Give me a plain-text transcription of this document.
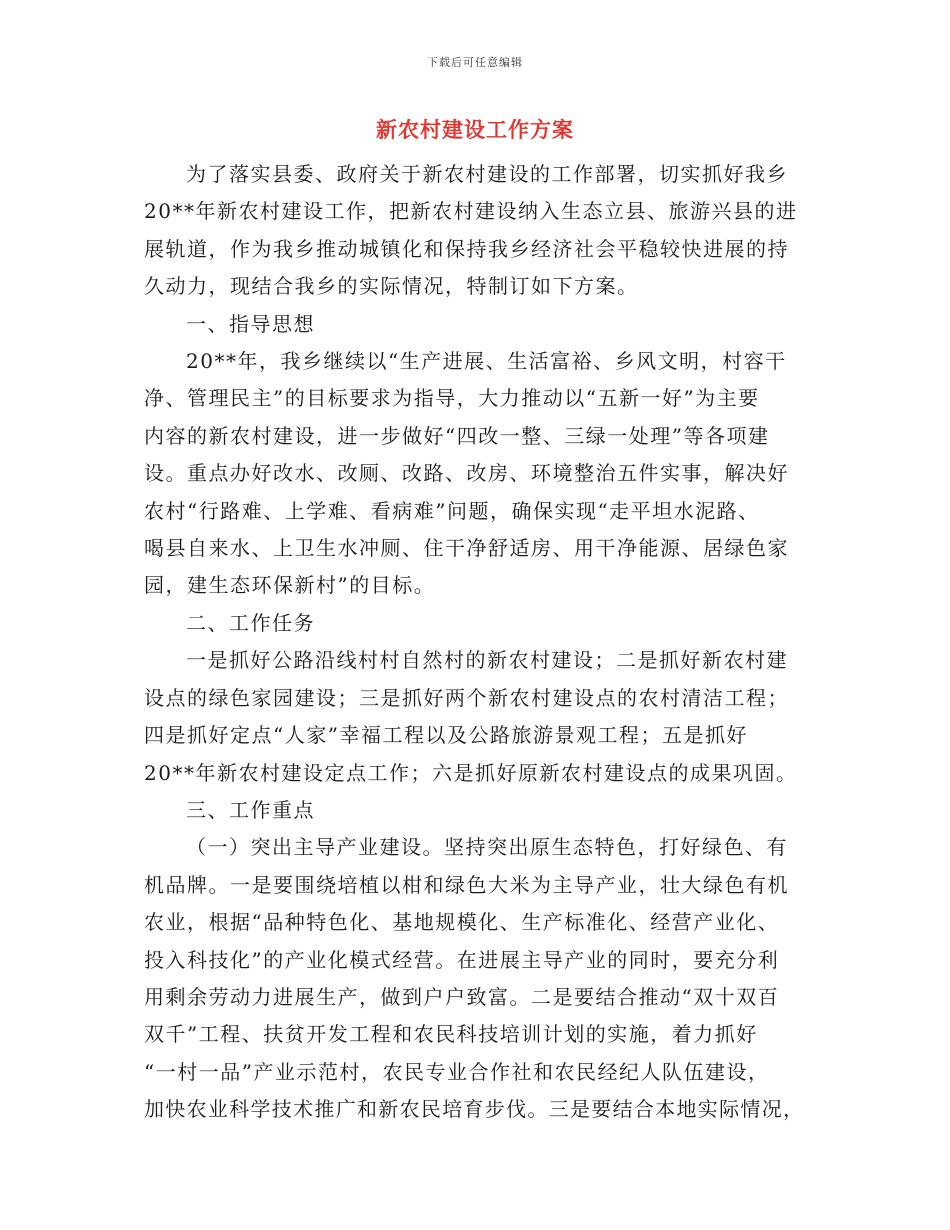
下载后可任意编辑
新农村建设工作方案

为了落实县委、政府关于新农村建设的工作部署，切实抓好我乡

20**年新农村建设工作，把新农村建设纳入生态立县、旅游兴县的进

展轨道，作为我乡推动城镇化和保持我乡经济社会平稳较快进展的持

久动力，现结合我乡的实际情况，特制订如下方案。

一、指导思想

20**年，我乡继续以“生产进展、生活富裕、乡风文明，村容干

净、管理民主”的目标要求为指导，大力推动以“五新一好”为主要

内容的新农村建设，进一步做好“四改一整、三绿一处理”等各项建

设。重点办好改水、改厕、改路、改房、环境整治五件实事，解决好

农村“行路难、上学难、看病难”问题，确保实现“走平坦水泥路、

喝县自来水、上卫生水冲厕、住干净舒适房、用干净能源、居绿色家

园，建生态环保新村”的目标。

二、工作任务

一是抓好公路沿线村村自然村的新农村建设；二是抓好新农村建

设点的绿色家园建设；三是抓好两个新农村建设点的农村清洁工程；

四是抓好定点“人家”幸福工程以及公路旅游景观工程；五是抓好

20**年新农村建设定点工作；六是抓好原新农村建设点的成果巩固。

三、工作重点

（一）突出主导产业建设。坚持突出原生态特色，打好绿色、有

机品牌。一是要围绕培植以柑和绿色大米为主导产业，壮大绿色有机

农业，根据“品种特色化、基地规模化、生产标准化、经营产业化、

投入科技化”的产业化模式经营。在进展主导产业的同时，要充分利

用剩余劳动力进展生产，做到户户致富。二是要结合推动“双十双百

双千”工程、扶贫开发工程和农民科技培训计划的实施，着力抓好

“一村一品”产业示范村，农民专业合作社和农民经纪人队伍建设，

加快农业科学技术推广和新农民培育步伐。三是要结合本地实际情况，
